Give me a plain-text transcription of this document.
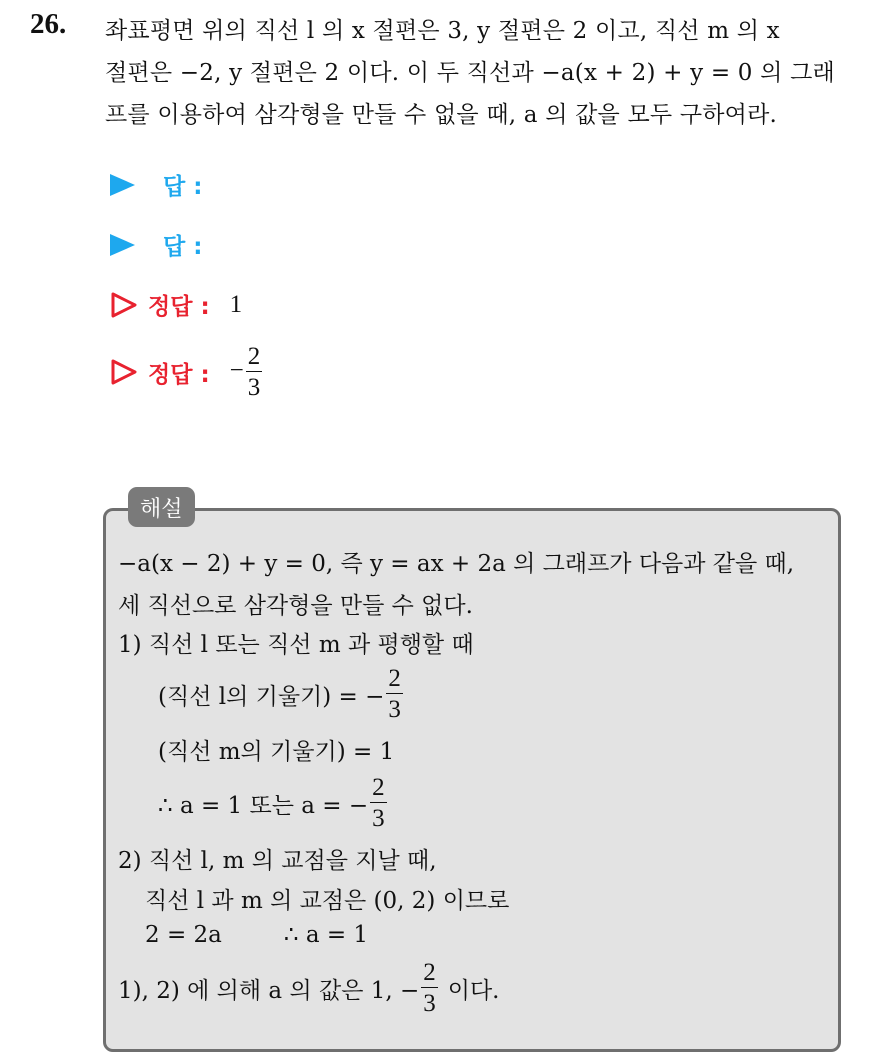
26. 좌표평면 위의 직선 l 의 x 절편은 3, y 절편은 2 이고, 직선 m 의 x
절편은 −2, y 절편은 2 이다. 이 두 직선과 −a(x + 2) + y = 0 의 그래
프를 이용하여 삼각형을 만들 수 없을 때, a 의 값을 모두 구하여라.
답 :
답 :
정답 : 1
정답 : − $\frac{2}{3}$
해설
−a(x − 2) + y = 0, 즉 y = ax + 2a 의 그래프가 다음과 같을 때,
세 직선으로 삼각형을 만들 수 없다.
1) 직선 l 또는 직선 m 과 평행할 때
(직선 l의 기울기) = − $\frac{2}{3}$
(직선 m의 기울기) = 1
∴ a = 1 또는 a = − $\frac{2}{3}$
2) 직선 l, m 의 교점을 지날 때,
직선 l 과 m 의 교점은 (0, 2) 이므로
2 = 2a	∴ a = 1
1), 2) 에 의해 a 의 값은 1, − $\frac{2}{3}$ 이다.
